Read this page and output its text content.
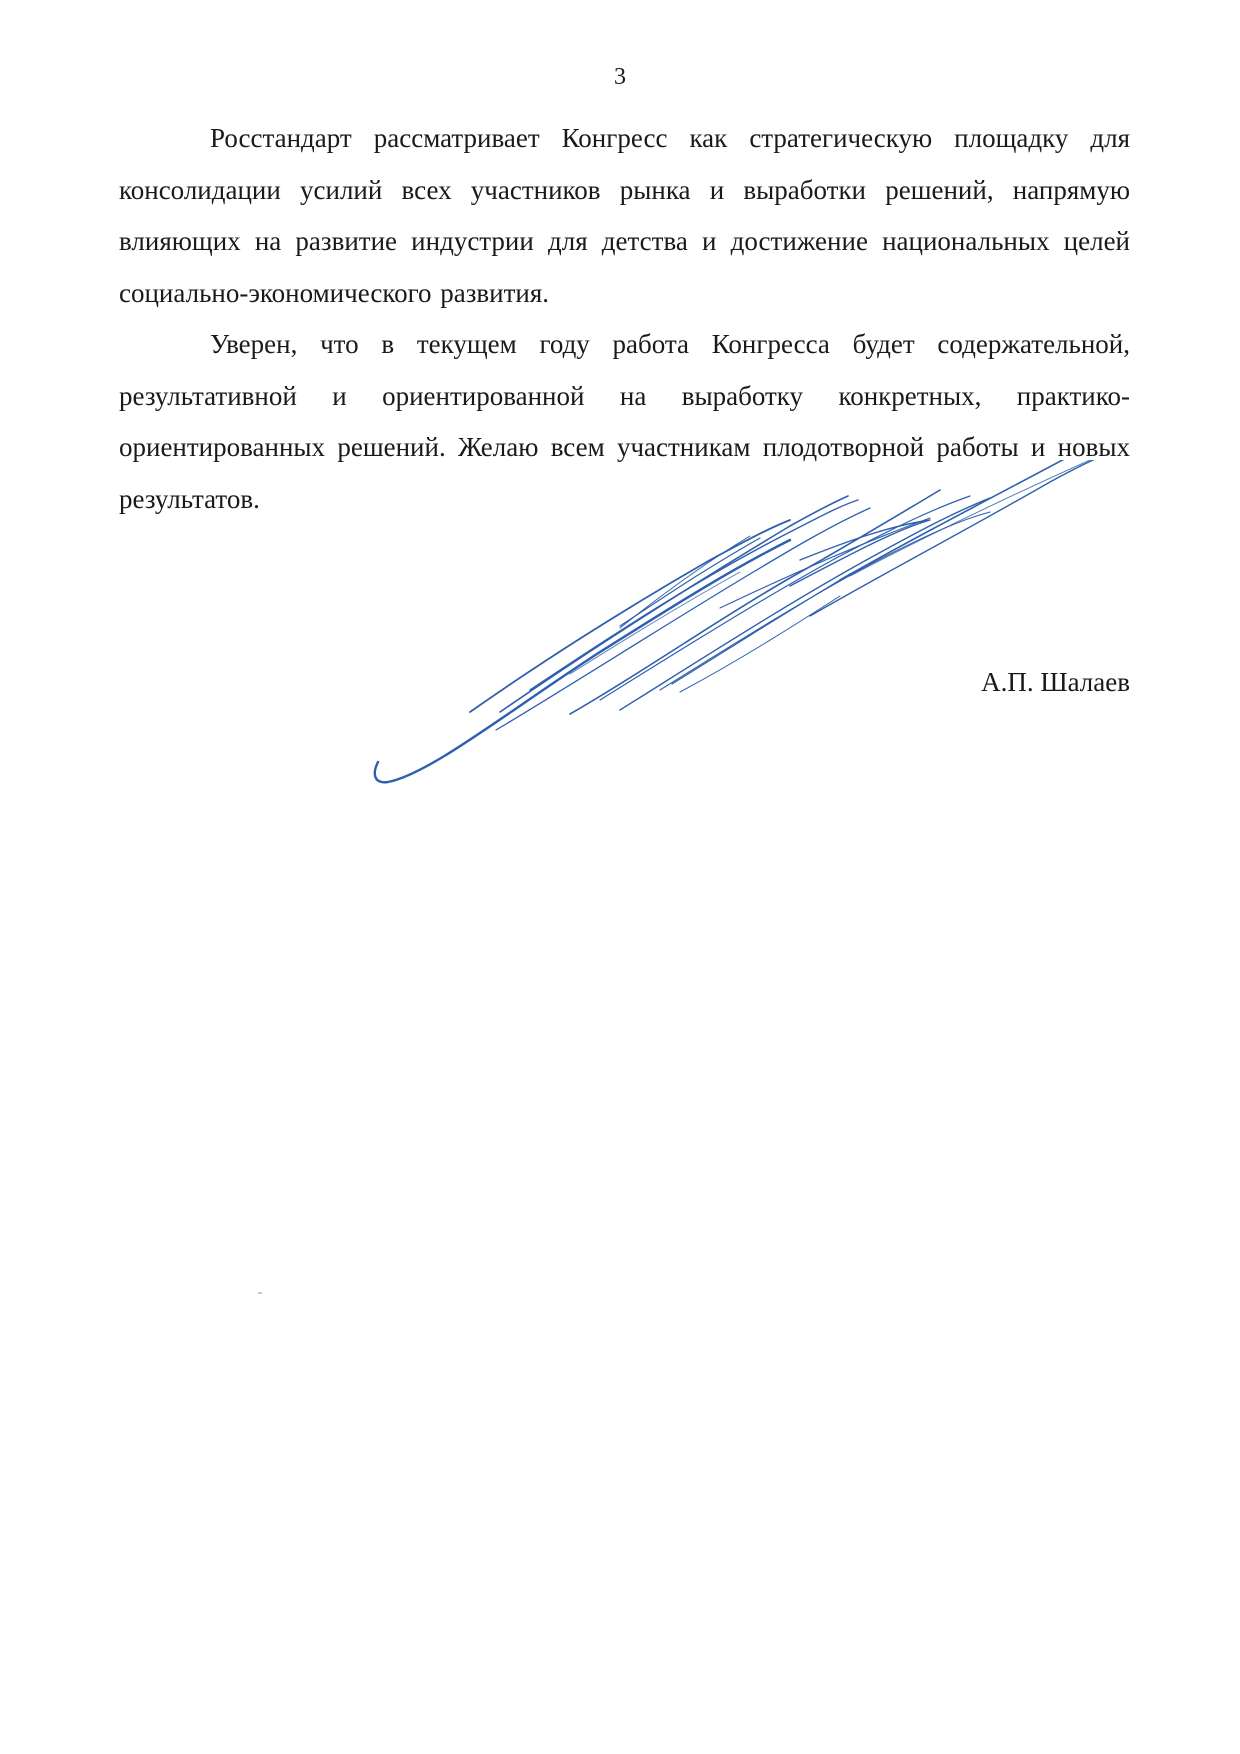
3

Росстандарт рассматривает Конгресс как стратегическую площадку для консолидации усилий всех участников рынка и выработки решений, напрямую влияющих на развитие индустрии для детства и достижение национальных целей социально-экономического развития.

Уверен, что в текущем году работа Конгресса будет содержательной, результативной и ориентированной на выработку конкретных, практико-ориентированных решений. Желаю всем участникам плодотворной работы и новых результатов.

А.П. Шалаев
